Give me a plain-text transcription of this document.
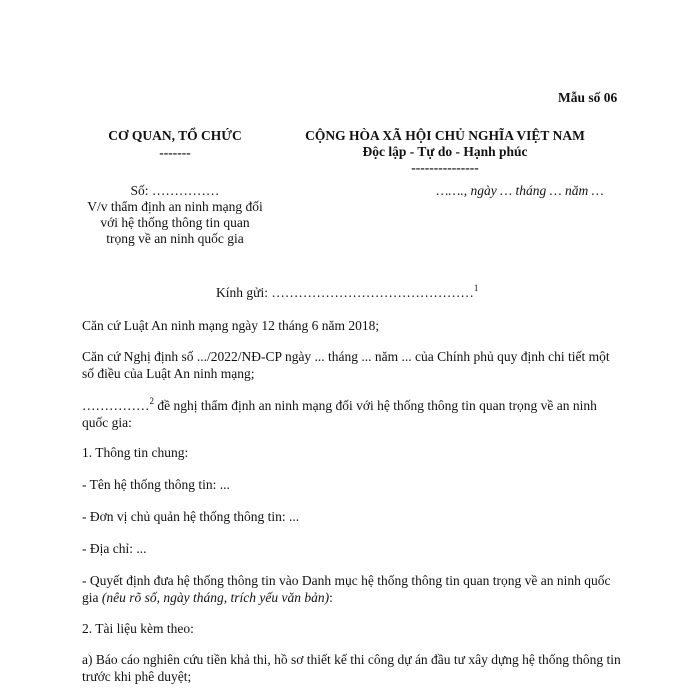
Mẫu số 06
CƠ QUAN, TỔ CHỨC
-------
Số: ……………
V/v thẩm định an ninh mạng đối
với hệ thống thông tin quan
trọng về an ninh quốc gia
CỘNG HÒA XÃ HỘI CHỦ NGHĨA VIỆT NAM
Độc lập - Tự do - Hạnh phúc
---------------
……., ngày … tháng … năm …
Kính gửi: ………………………………………$^1$
Căn cứ Luật An ninh mạng ngày 12 tháng 6 năm 2018;
Căn cứ Nghị định số .../2022/NĐ-CP ngày ... tháng ... năm ... của Chính phủ quy định chi tiết một số điều của Luật An ninh mạng;
……………$^2$ đề nghị thẩm định an ninh mạng đối với hệ thống thông tin quan trọng về an ninh quốc gia:
1. Thông tin chung:
- Tên hệ thống thông tin: ...
- Đơn vị chủ quản hệ thống thông tin: ...
- Địa chỉ: ...
- Quyết định đưa hệ thống thông tin vào Danh mục hệ thống thông tin quan trọng về an ninh quốc gia (nêu rõ số, ngày tháng, trích yếu văn bản):
2. Tài liệu kèm theo:
a) Báo cáo nghiên cứu tiền khả thi, hồ sơ thiết kế thi công dự án đầu tư xây dựng hệ thống thông tin trước khi phê duyệt;
